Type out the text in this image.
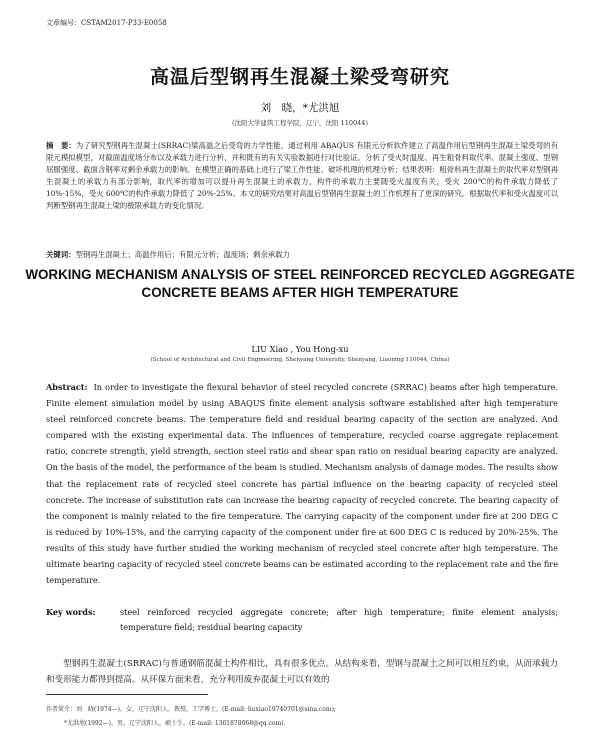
文章编号：CSTAM2017-P33-E0058
高温后型钢再生混凝土梁受弯研究
刘　晓，*尤洪旭
(沈阳大学建筑工程学院，辽宁，沈阳 110044)
摘　要：为了研究型钢再生混凝土(SRRAC)梁高温之后受弯的力学性能，通过利用 ABAQUS 有限元分析软件建立了高温作用后型钢再生混凝土梁受弯的有限元模拟模型，对截面温度场分布以及承载力进行分析，并和既有的有关实验数据进行对比验证。分析了受火时温度、再生粗骨料取代率、混凝土强度、型钢屈服强度、截面含钢率对剩余承载力的影响。在模型正确的基础上进行了梁工作性能、破坏机理的机理分析；结果表明：粗骨料再生混凝土的取代率对型钢再生混凝土的承载力有部分影响，取代率的增加可以提升再生混凝土的承载力，构件的承载力主要随受火温度有关，受火 200℃的构件承载力降低了10%-15%，受火 600℃的构件承载力降低了 20%-25%。本文的研究结果对高温后型钢再生混凝土的工作机理有了更深的研究。根据取代率和受火温度可以判断型钢再生混凝土梁的极限承载力的变化情况。
关键词：型钢再生混凝土；高温作用后；有限元分析；温度场；剩余承载力
WORKING MECHANISM ANALYSIS OF STEEL REINFORCED RECYCLED AGGREGATE CONCRETE BEAMS AFTER HIGH TEMPERATURE
LIU Xiao , You Hong-xu
(School of Architectural and Civil Engineering, Shenyang University, Shenyang, Liaoning 110044, China)
Abstract: In order to investigate the flexural behavior of steel recycled concrete (SRRAC) beams after high temperature. Finite element simulation model by using ABAQUS finite element analysis software established after high temperature steel reinforced concrete beams. The temperature field and residual bearing capacity of the section are analyzed. And compared with the existing experimental data. The influences of temperature, recycled coarse aggregate replacement ratio, concrete strength, yield strength, section steel ratio and shear span ratio on residual bearing capacity are analyzed. On the basis of the model, the performance of the beam is studied. Mechanism analysis of damage modes. The results show that the replacement rate of recycled steel concrete has partial influence on the bearing capacity of recycled steel concrete. The increase of substitution rate can increase the bearing capacity of recycled concrete. The bearing capacity of the component is mainly related to the fire temperature. The carrying capacity of the component under fire at 200 DEG C is reduced by 10%-15%, and the carrying capacity of the component under fire at 600 DEG C is reduced by 20%-25%. The results of this study have further studied the working mechanism of recycled steel concrete after high temperature. The ultimate bearing capacity of recycled steel concrete beams can be estimated according to the replacement rate and the fire temperature.
Key words:	steel reinforced recycled aggregate concrete; after high temperature; finite element analysis; temperature field; residual bearing capacity
型钢再生混凝土(SRRAC)与普通钢筋混凝土构件相比，具有很多优点。从结构来看，型钢与混凝土之间可以相互约束，从而承载力和变形能力都得到提高。从环保方面来看，充分利用废弃混凝土可以有效的
作者简介：刘　晓(1974—)，女，辽宁沈阳人，教授，工学博士。(E-mail: liuxiao19740701@sina.com);
*尤洪旭(1992—)，男，辽宁沈阳人，硕士生。(E-mail: 1361878068@qq.com).
